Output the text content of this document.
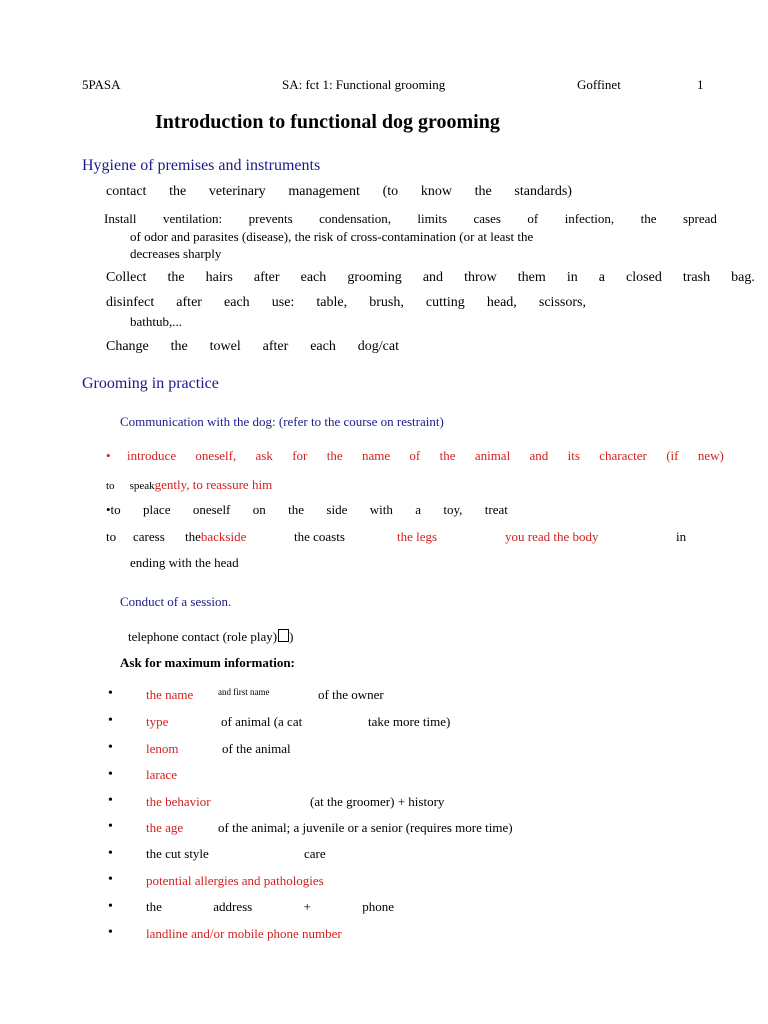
5PASA	SA: fct 1: Functional grooming	Goffinet	1
Introduction to functional dog grooming
Hygiene of premises and instruments
contact the veterinary management (to know the standards)
Install ventilation: prevents condensation, limits cases of infection, the spread
of odor and parasites (disease), the risk of cross-contamination (or at least the
decreases sharply
Collect the hairs after each grooming and throw them in a closed trash bag.
disinfect after each use: table, brush, cutting head, scissors,
bathtub,...
Change the towel after each dog/cat
Grooming in practice
Communication with the dog: (refer to the course on restraint)
• introduce oneself, ask for the name of the animal and its character (if new)
to speakgently, to reassure him
•to place oneself on the side with a toy, treat
to caress thebackside	the coasts	the legs	you read the body	in
ending with the head
Conduct of a session.
telephone contact (role play) )
Ask for maximum information:
•	the name	and first name	of the owner
•	type	of animal (a cat	take more time)
•	lenom	of the animal
•	larace
•	the behavior	(at the groomer) + history
•	the age	of the animal; a juvenile or a senior (requires more time)
•	the cut style	care
•	potential allergies and pathologies
•	the	address	+	phone
•	landline and/or mobile phone number
